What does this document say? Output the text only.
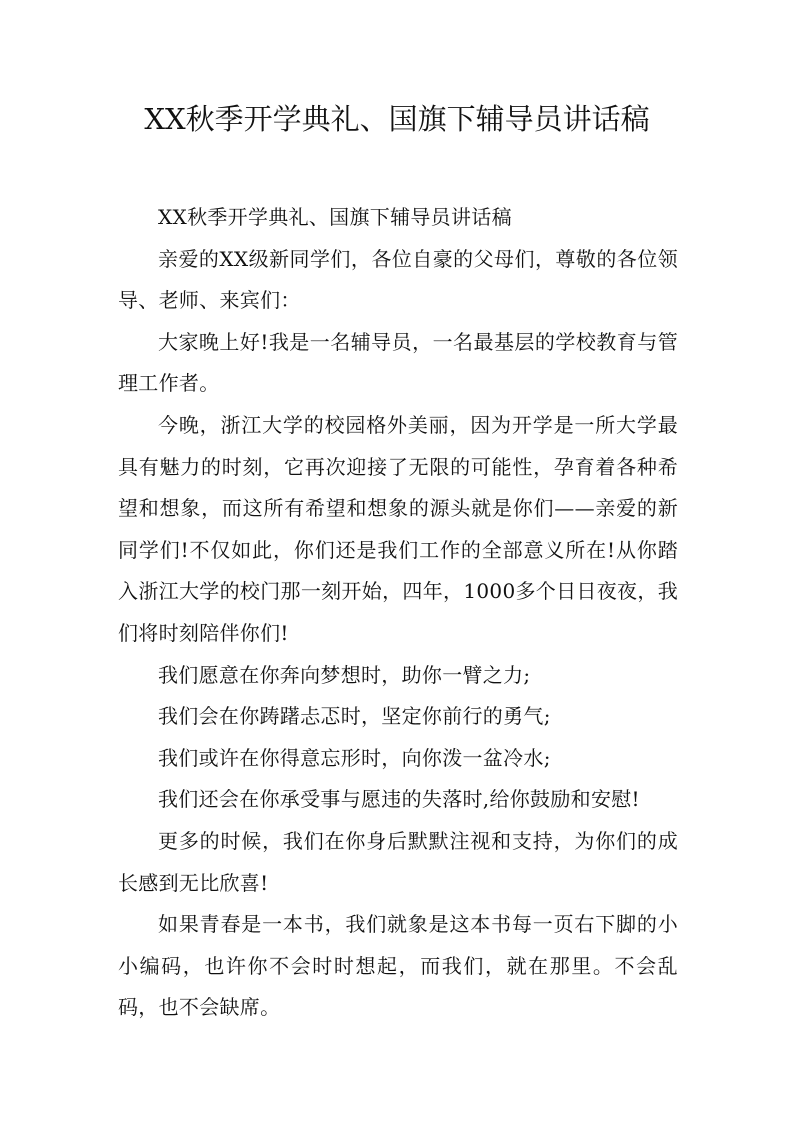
XX秋季开学典礼、国旗下辅导员讲话稿

XX秋季开学典礼、国旗下辅导员讲话稿

亲爱的XX级新同学们，各位自豪的父母们，尊敬的各位领导、老师、来宾们：

大家晚上好!我是一名辅导员，一名最基层的学校教育与管理工作者。

今晚，浙江大学的校园格外美丽，因为开学是一所大学最具有魅力的时刻，它再次迎接了无限的可能性，孕育着各种希望和想象，而这所有希望和想象的源头就是你们——亲爱的新同学们!不仅如此，你们还是我们工作的全部意义所在!从你踏入浙江大学的校门那一刻开始，四年，1000多个日日夜夜，我们将时刻陪伴你们!

我们愿意在你奔向梦想时，助你一臂之力;

我们会在你踌躇忐忑时，坚定你前行的勇气;

我们或许在你得意忘形时，向你泼一盆冷水;

我们还会在你承受事与愿违的失落时,给你鼓励和安慰!

更多的时候，我们在你身后默默注视和支持，为你们的成长感到无比欣喜!

如果青春是一本书，我们就象是这本书每一页右下脚的小小编码，也许你不会时时想起，而我们，就在那里。不会乱码，也不会缺席。
